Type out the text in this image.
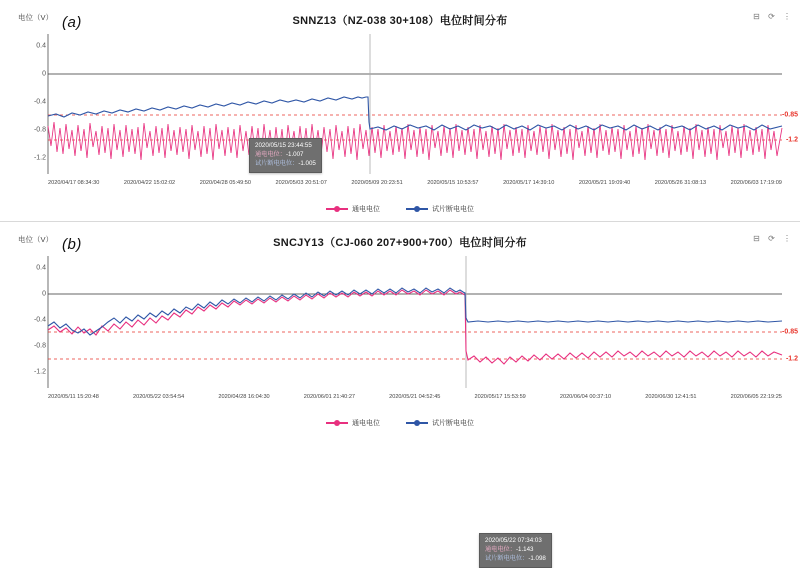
电位（V） (a)	SNNZ13（NZ-038 30+108）电位时间分布	⊟ ⟳ ⋮
0.4
0
-0.4
-0.8
-1.2
-0.85
-1.2
2020/05/15 23:44:55
通电电位：-1.007
试片断电电位：-1.005
2020/04/17 08:34:30	2020/04/22 15:02:02	2020/04/28 05:49:50	2020/05/03 20:51:07	2020/05/09 20:23:51	2020/05/15 10:53:57	2020/05/17 14:39:10	2020/05/21 19:09:40	2020/05/26 31:08:13	2020/06/03 17:19:09
通电电位	试片断电电位
电位（V） (b)	SNCJY13（CJ-060 207+900+700）电位时间分布	⊟ ⟳ ⋮
0.4
0
-0.4
-0.8
-1.2
-0.85
-1.2
2020/05/22 07:34:03
通电电位：-1.143
试片断电电位：-1.098
2020/05/11 15:20:48	2020/05/22 03:54:54	2020/04/28 16:04:30	2020/06/01 21:40:27	2020/05/21 04:52:45	2020/05/17 15:53:59	2020/06/04 00:37:10	2020/06/30 12:41:51	2020/06/05 22:19:25
通电电位	试片断电电位
